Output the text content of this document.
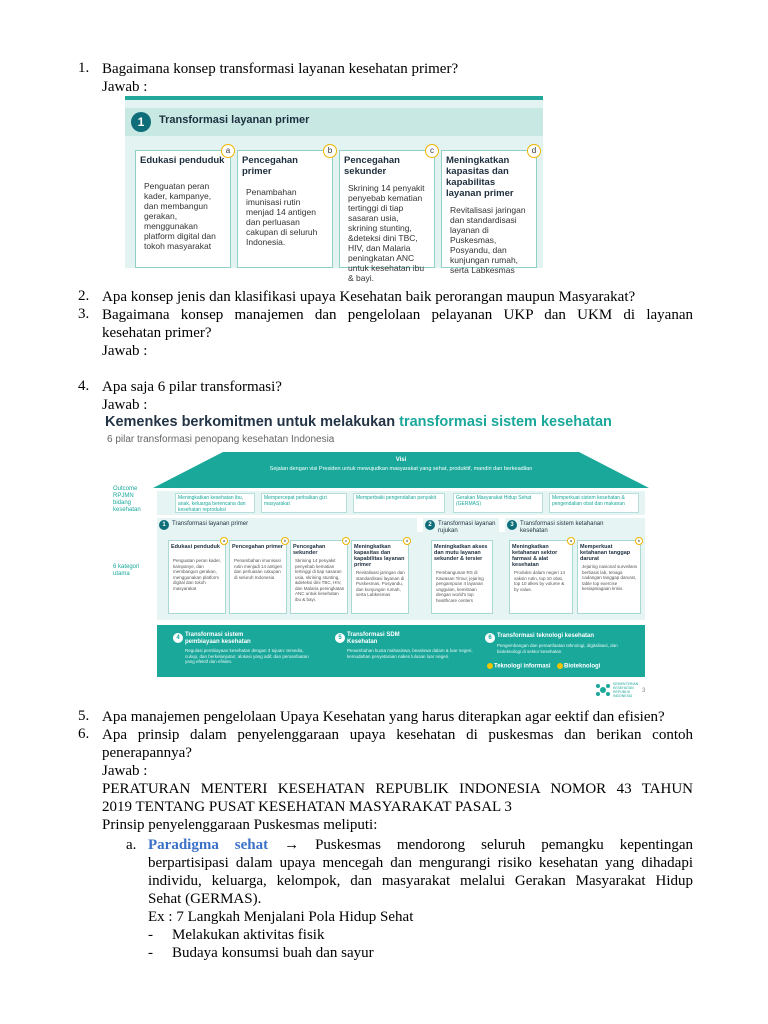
1. Bagaimana konsep transformasi layanan kesehatan primer?
Jawab :
1	Transformasi layanan primer
a
Edukasi penduduk
Penguatan peran kader, kampanye, dan membangun gerakan, menggunakan platform digital dan tokoh masyarakat
b
Pencegahan primer
Penambahan imunisasi rutin menjad 14 antigen dan perluasan cakupan di seluruh Indonesia.
c
Pencegahan sekunder
Skrining 14 penyakit penyebab kematian tertinggi di tiap sasaran usia, skrining stunting, &deteksi dini TBC, HIV, dan Malaria peningkatan ANC untuk kesehatan ibu & bayi.
d
Meningkatkan kapasitas dan kapabilitas layanan primer
Revitalisasi jaringan dan standardisasi layanan di Puskesmas, Posyandu, dan kunjungan rumah, serta Labkesmas
2. Apa konsep jenis dan klasifikasi upaya Kesehatan baik perorangan maupun Masyarakat?
3. Bagaimana konsep manajemen dan pengelolaan pelayanan UKP dan UKM di layanan
kesehatan primer?
Jawab :
4. Apa saja 6 pilar transformasi?
Jawab :
Kemenkes berkomitmen untuk melakukan transformasi sistem kesehatan
6 pilar transformasi penopang kesehatan Indonesia
Visi
Sejalan dengan visi Presiden untuk mewujudkan masyarakat yang sehat, produktif, mandiri dan berkeadilan
Outcome RPJMN bidang kesehatan
6 kategori utama
Meningkatkan kesehatan ibu, anak, keluarga berencana dan kesehatan reproduksi
Mempercepat perbaikan gizi masyarakat
Memperbaiki pengendalian penyakit	Gerakan Masyarakat Hidup Sehat (GERMAS)
Memperkuat sistem kesehatan & pengendalian obat dan makanan
1	Transformasi layanan primer	2	Transformasi layanan rujukan
3	Transformasi sistem ketahanan kesehatan
a
Edukasi penduduk
Penguatan peran kader, kampanye, dan membangun gerakan, menggunakan platform digital dan tokoh masyarakat
b
Pencegahan primer
Penambahan imunisasi rutin menjadi 14 antigen dan perluasan cakupan di seluruh Indonesia
c
Pencegahan sekunder
Skrining 14 penyakit penyebab kematian tertinggi di tiap sasaran usia, skrining stunting, &deteksi dini TBC, HIV, dan Malaria peningkatan ANC untuk kesehatan ibu & bayi.
d
Meningkatkan kapasitas dan kapabilitas layanan primer
Revitalisasi jaringan dan standardisasi layanan di Puskesmas, Posyandu, dan kunjungan rumah, serta Labkesmas
Meningkatkan akses dan mutu layanan sekunder & tersier
Pembangunan RS di Kawasan Timur, jejaring pengampuan 4 layanan unggulan, kemitraan dengan world's top healthcare centers
a
Meningkatkan ketahanan sektor farmasi & alat kesehatan
Produksi dalam negeri 14 vaksin rutin, top 10 obat, top 10 alkes by volume & by value.
b
Memperkuat ketahanan tanggap darurat
Jejaring nasional surveilans berbasis lab, tenaga cadangan tanggap darurat, table top exercise kesiapsiagaan krisis.
4 Transformasi sistem pembiayaan kesehatan
Regulasi pembiayaan kesehatan dengan 3 tujuan: tersedia, cukup, dan berkelanjutan; alokasi yang adil; dan pemanfaatan yang efektif dan efisien.
5 Transformasi SDM Kesehatan
Penambahan kuota mahasiswa, beasiswa dalam & luar negeri, kemudahan penyetaraan nakes lulusan luar negeri.
6 Transformasi teknologi kesehatan
Pengembangan dan pemanfaatan teknologi, digitalisasi, dan bioteknologi di sektor kesehatan.
Teknologi informasi	Bioteknologi
KEMENTERIAN KESEHATAN REPUBLIK INDONESIA
3
5. Apa manajemen pengelolaan Upaya Kesehatan yang harus diterapkan agar eektif dan efisien?
6. Apa prinsip dalam penyelenggaraan upaya kesehatan di puskesmas dan berikan contoh
penerapannya?
Jawab :
PERATURAN MENTERI KESEHATAN REPUBLIK INDONESIA NOMOR 43 TAHUN
2019 TENTANG PUSAT KESEHATAN MASYARAKAT PASAL 3
Prinsip penyelenggaraan Puskesmas meliputi:
a. Paradigma sehat → Puskesmas mendorong seluruh pemangku kepentingan
berpartisipasi dalam upaya mencegah dan mengurangi risiko kesehatan yang dihadapi
individu, keluarga, kelompok, dan masyarakat melalui Gerakan Masyarakat Hidup
Sehat (GERMAS).
Ex : 7 Langkah Menjalani Pola Hidup Sehat
- Melakukan aktivitas fisik
- Budaya konsumsi buah dan sayur
